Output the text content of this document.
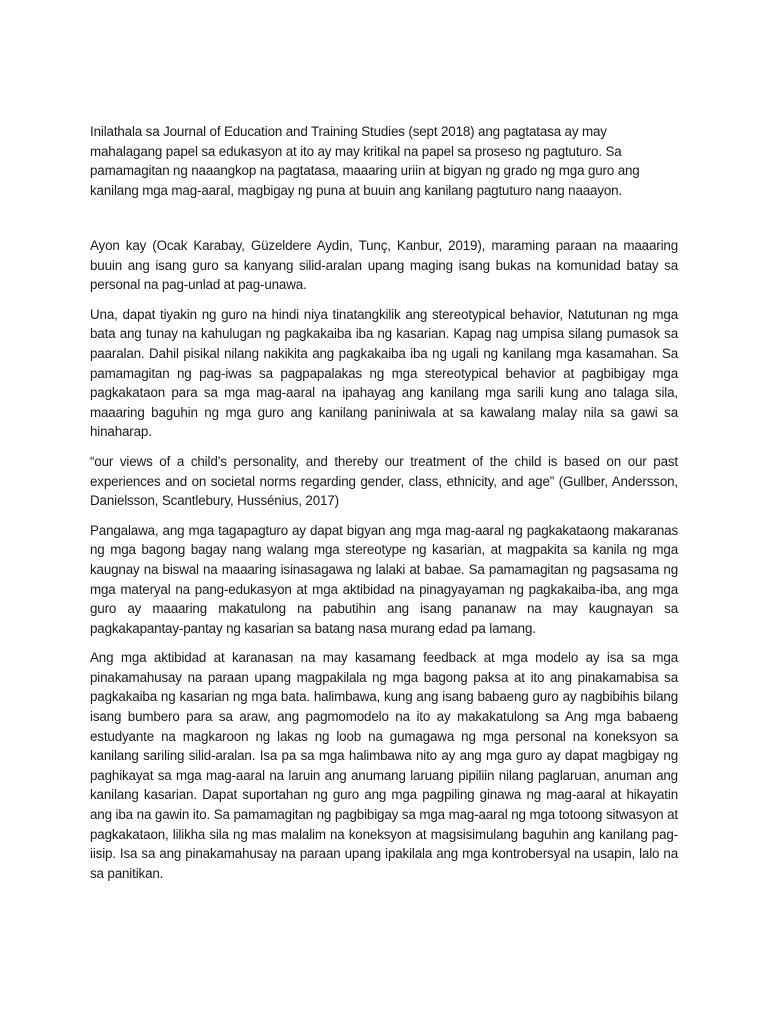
Inilathala sa Journal of Education and Training Studies (sept 2018) ang pagtatasa ay may mahalagang papel sa edukasyon at ito ay may kritikal na papel sa proseso ng pagtuturo. Sa pamamagitan ng naaangkop na pagtatasa, maaaring uriin at bigyan ng grado ng mga guro ang kanilang mga mag-aaral, magbigay ng puna at buuin ang kanilang pagtuturo nang naaayon.

Ayon kay (Ocak Karabay, Güzeldere Aydin, Tunç, Kanbur, 2019), maraming paraan na maaaring buuin ang isang guro sa kanyang silid-aralan upang maging isang bukas na komunidad batay sa personal na pag-unlad at pag-unawa.

Una, dapat tiyakin ng guro na hindi niya tinatangkilik ang stereotypical behavior, Natutunan ng mga bata ang tunay na kahulugan ng pagkakaiba iba ng kasarian. Kapag nag umpisa silang pumasok sa paaralan. Dahil pisikal nilang nakikita ang pagkakaiba iba ng ugali ng kanilang mga kasamahan. Sa pamamagitan ng pag-iwas sa pagpapalakas ng mga stereotypical behavior at pagbibigay mga pagkakataon para sa mga mag-aaral na ipahayag ang kanilang mga sarili kung ano talaga sila, maaaring baguhin ng mga guro ang kanilang paniniwala at sa kawalang malay nila sa gawi sa hinaharap.

“our views of a child’s personality, and thereby our treatment of the child is based on our past experiences and on societal norms regarding gender, class, ethnicity, and age” (Gullber, Andersson, Danielsson, Scantlebury, Hussénius, 2017)

Pangalawa, ang mga tagapagturo ay dapat bigyan ang mga mag-aaral ng pagkakataong makaranas ng mga bagong bagay nang walang mga stereotype ng kasarian, at magpakita sa kanila ng mga kaugnay na biswal na maaaring isinasagawa ng lalaki at babae. Sa pamamagitan ng pagsasama ng mga materyal na pang-edukasyon at mga aktibidad na pinagyayaman ng pagkakaiba-iba, ang mga guro ay maaaring makatulong na pabutihin ang isang pananaw na may kaugnayan sa pagkakapantay-pantay ng kasarian sa batang nasa murang edad pa lamang.

Ang mga aktibidad at karanasan na may kasamang feedback at mga modelo ay isa sa mga pinakamahusay na paraan upang magpakilala ng mga bagong paksa at ito ang pinakamabisa sa pagkakaiba ng kasarian ng mga bata. halimbawa, kung ang isang babaeng guro ay nagbibihis bilang isang bumbero para sa araw, ang pagmomodelo na ito ay makakatulong sa Ang mga babaeng estudyante na magkaroon ng lakas ng loob na gumagawa ng mga personal na koneksyon sa kanilang sariling silid-aralan. Isa pa sa mga halimbawa nito ay ang mga guro ay dapat magbigay ng paghikayat sa mga mag-aaral na laruin ang anumang laruang pipiliin nilang paglaruan, anuman ang kanilang kasarian. Dapat suportahan ng guro ang mga pagpiling ginawa ng mag-aaral at hikayatin ang iba na gawin ito. Sa pamamagitan ng pagbibigay sa mga mag-aaral ng mga totoong sitwasyon at pagkakataon, lilikha sila ng mas malalim na koneksyon at magsisimulang baguhin ang kanilang pag-iisip. Isa sa ang pinakamahusay na paraan upang ipakilala ang mga kontrobersyal na usapin, lalo na sa panitikan.
